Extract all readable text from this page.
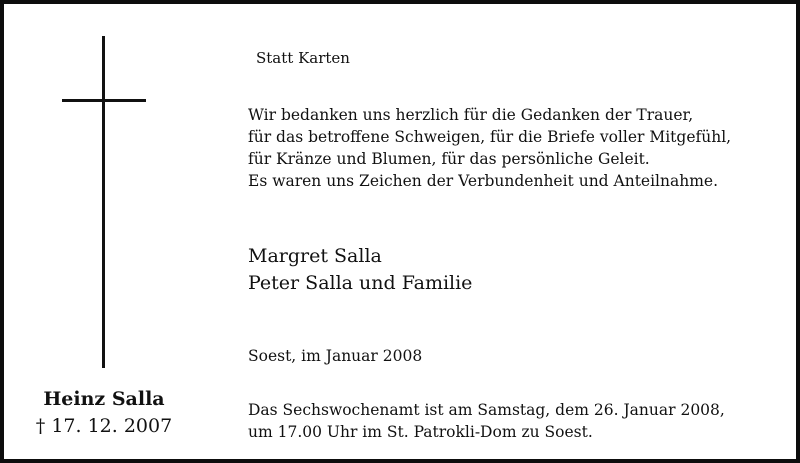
Heinz Salla
† 17. 12. 2007
Statt Karten
Wir bedanken uns herzlich für die Gedanken der Trauer,
für das betroffene Schweigen, für die Briefe voller Mitgefühl,
für Kränze und Blumen, für das persönliche Geleit.
Es waren uns Zeichen der Verbundenheit und Anteilnahme.
Margret Salla
Peter Salla und Familie
Soest, im Januar 2008
Das Sechswochenamt ist am Samstag, dem 26. Januar 2008,
um 17.00 Uhr im St. Patrokli-Dom zu Soest.
